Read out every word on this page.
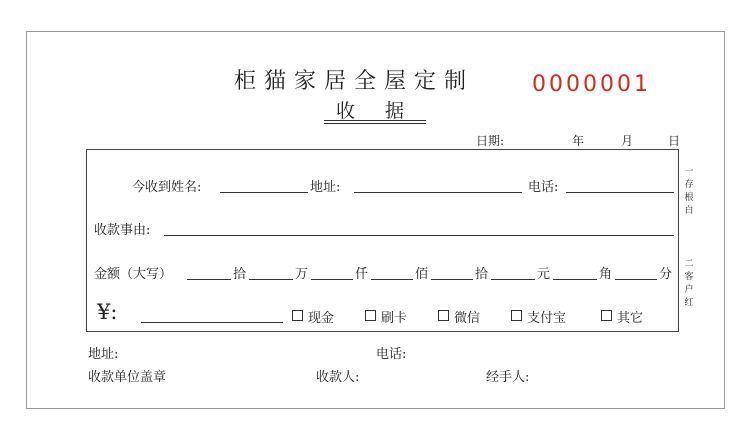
柜猫家居全屋定制	0000001
收 据
日期:	年	月	日
今收到姓名:	地址:	电话:
收款事由:
金额（大写）	拾	万	仟	佰	拾	元	角	分
¥:	现金	刷卡	微信	支付宝	其它
一
存
根
白
二
客
户
红
地址:	电话:
收款单位盖章	收款人:	经手人:
